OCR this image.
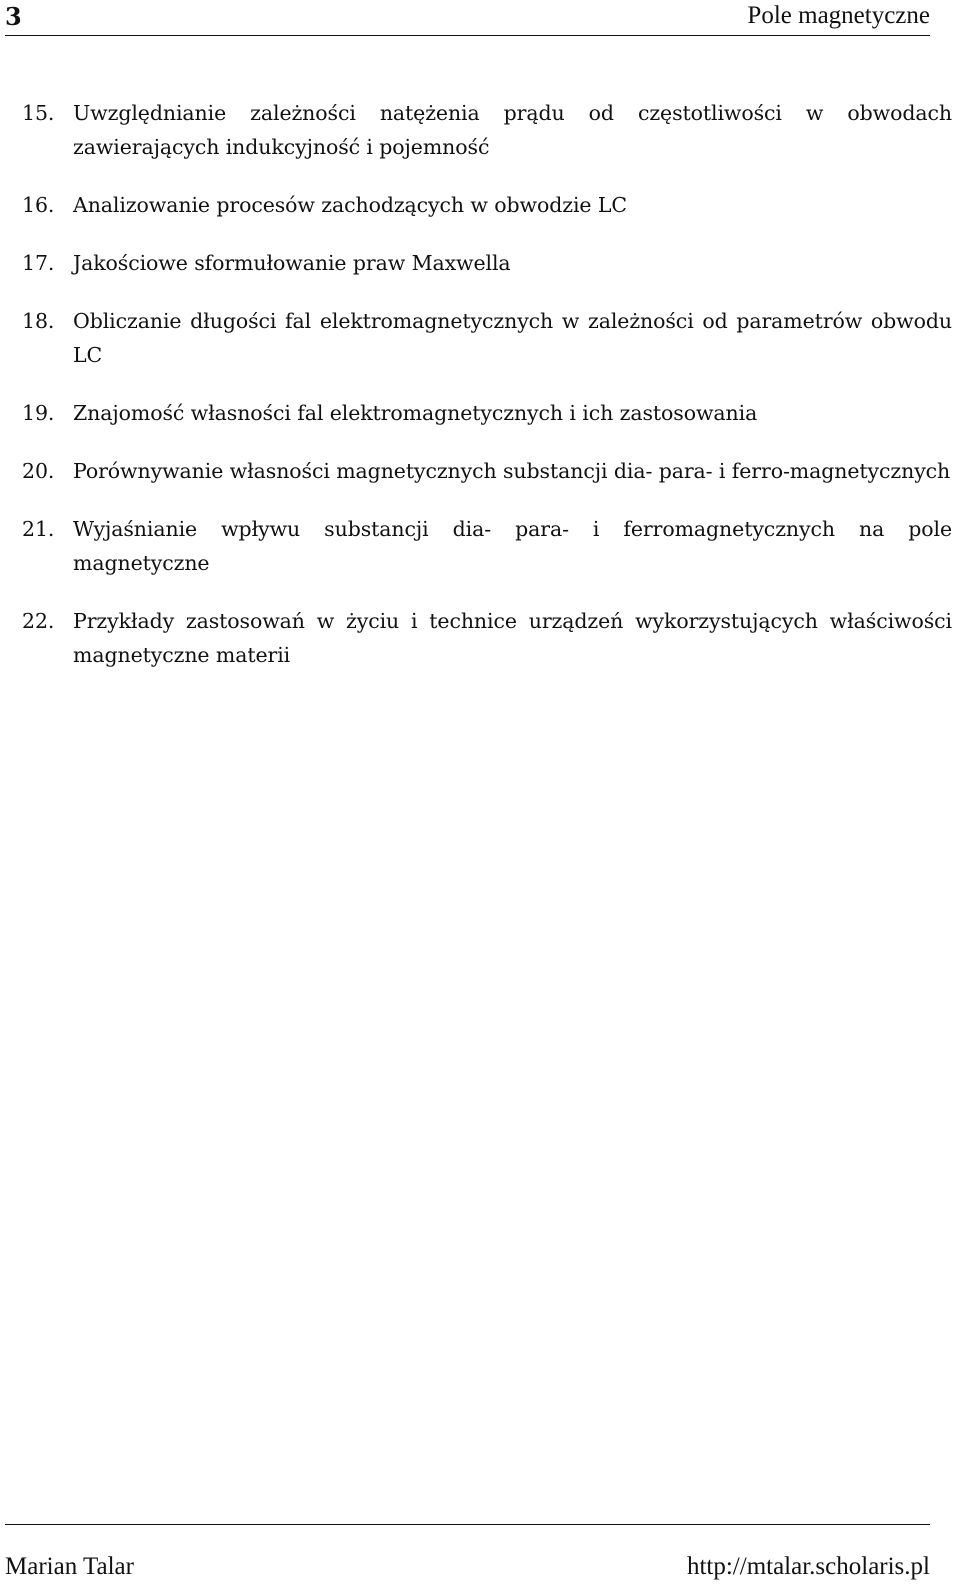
3	Pole magnetyczne
15. Uwzględnianie zależności natężenia prądu od częstotliwości w obwodach zawierających indukcyjność i pojemność
16. Analizowanie procesów zachodzących w obwodzie LC
17. Jakościowe sformułowanie praw Maxwella
18. Obliczanie długości fal elektromagnetycznych w zależności od parametrów obwodu LC
19. Znajomość własności fal elektromagnetycznych i ich zastosowania
20. Porównywanie własności magnetycznych substancji dia- para- i ferro-magnetycznych
21. Wyjaśnianie wpływu substancji dia- para- i ferromagnetycznych na pole magnetyczne
22. Przykłady zastosowań w życiu i technice urządzeń wykorzystujących właściwości magnetyczne materii
Marian Talar	http://mtalar.scholaris.pl
